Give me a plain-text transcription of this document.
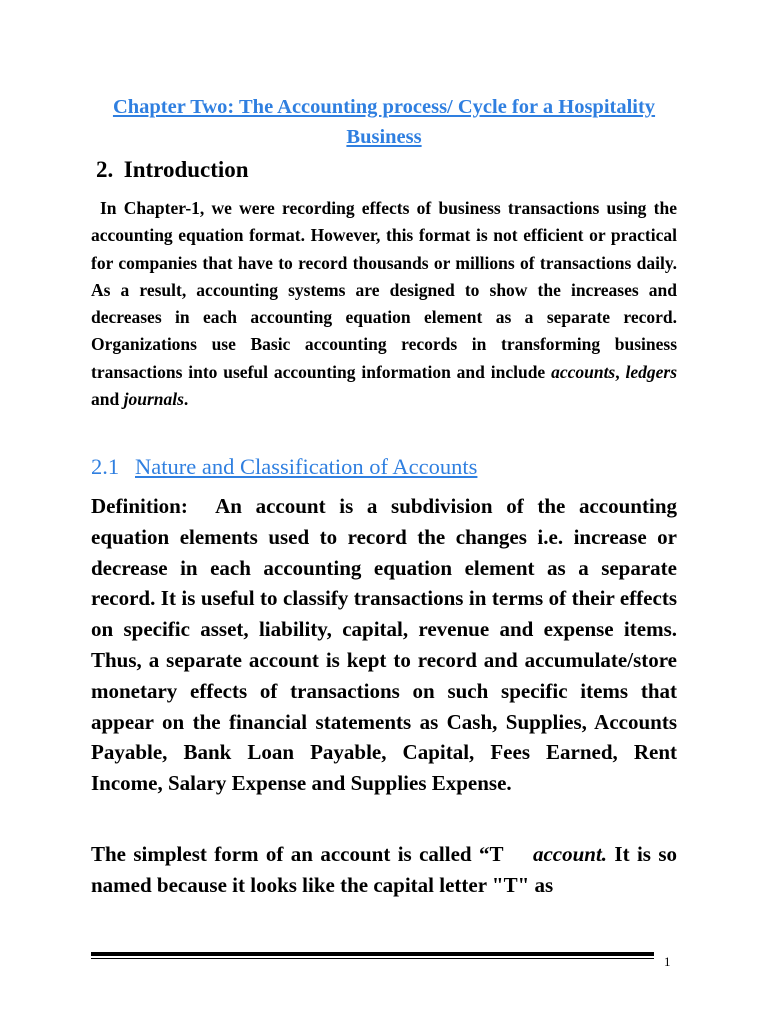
Chapter Two: The Accounting process/ Cycle for a Hospitality Business
2. Introduction

In Chapter-1, we were recording effects of business transactions using the accounting equation format. However, this format is not efficient or practical for companies that have to record thousands or millions of transactions daily. As a result, accounting systems are designed to show the increases and decreases in each accounting equation element as a separate record. Organizations use Basic accounting records in transforming business transactions into useful accounting information and include accounts, ledgers and journals.

2.1 Nature and Classification of Accounts

Definition: An account is a subdivision of the accounting equation elements used to record the changes i.e. increase or decrease in each accounting equation element as a separate record. It is useful to classify transactions in terms of their effects on specific asset, liability, capital, revenue and expense items. Thus, a separate account is kept to record and accumulate/store monetary effects of transactions on such specific items that appear on the financial statements as Cash, Supplies, Accounts Payable, Bank Loan Payable, Capital, Fees Earned, Rent Income, Salary Expense and Supplies Expense.

The simplest form of an account is called “T account. It is so named because it looks like the capital letter "T" as

1
